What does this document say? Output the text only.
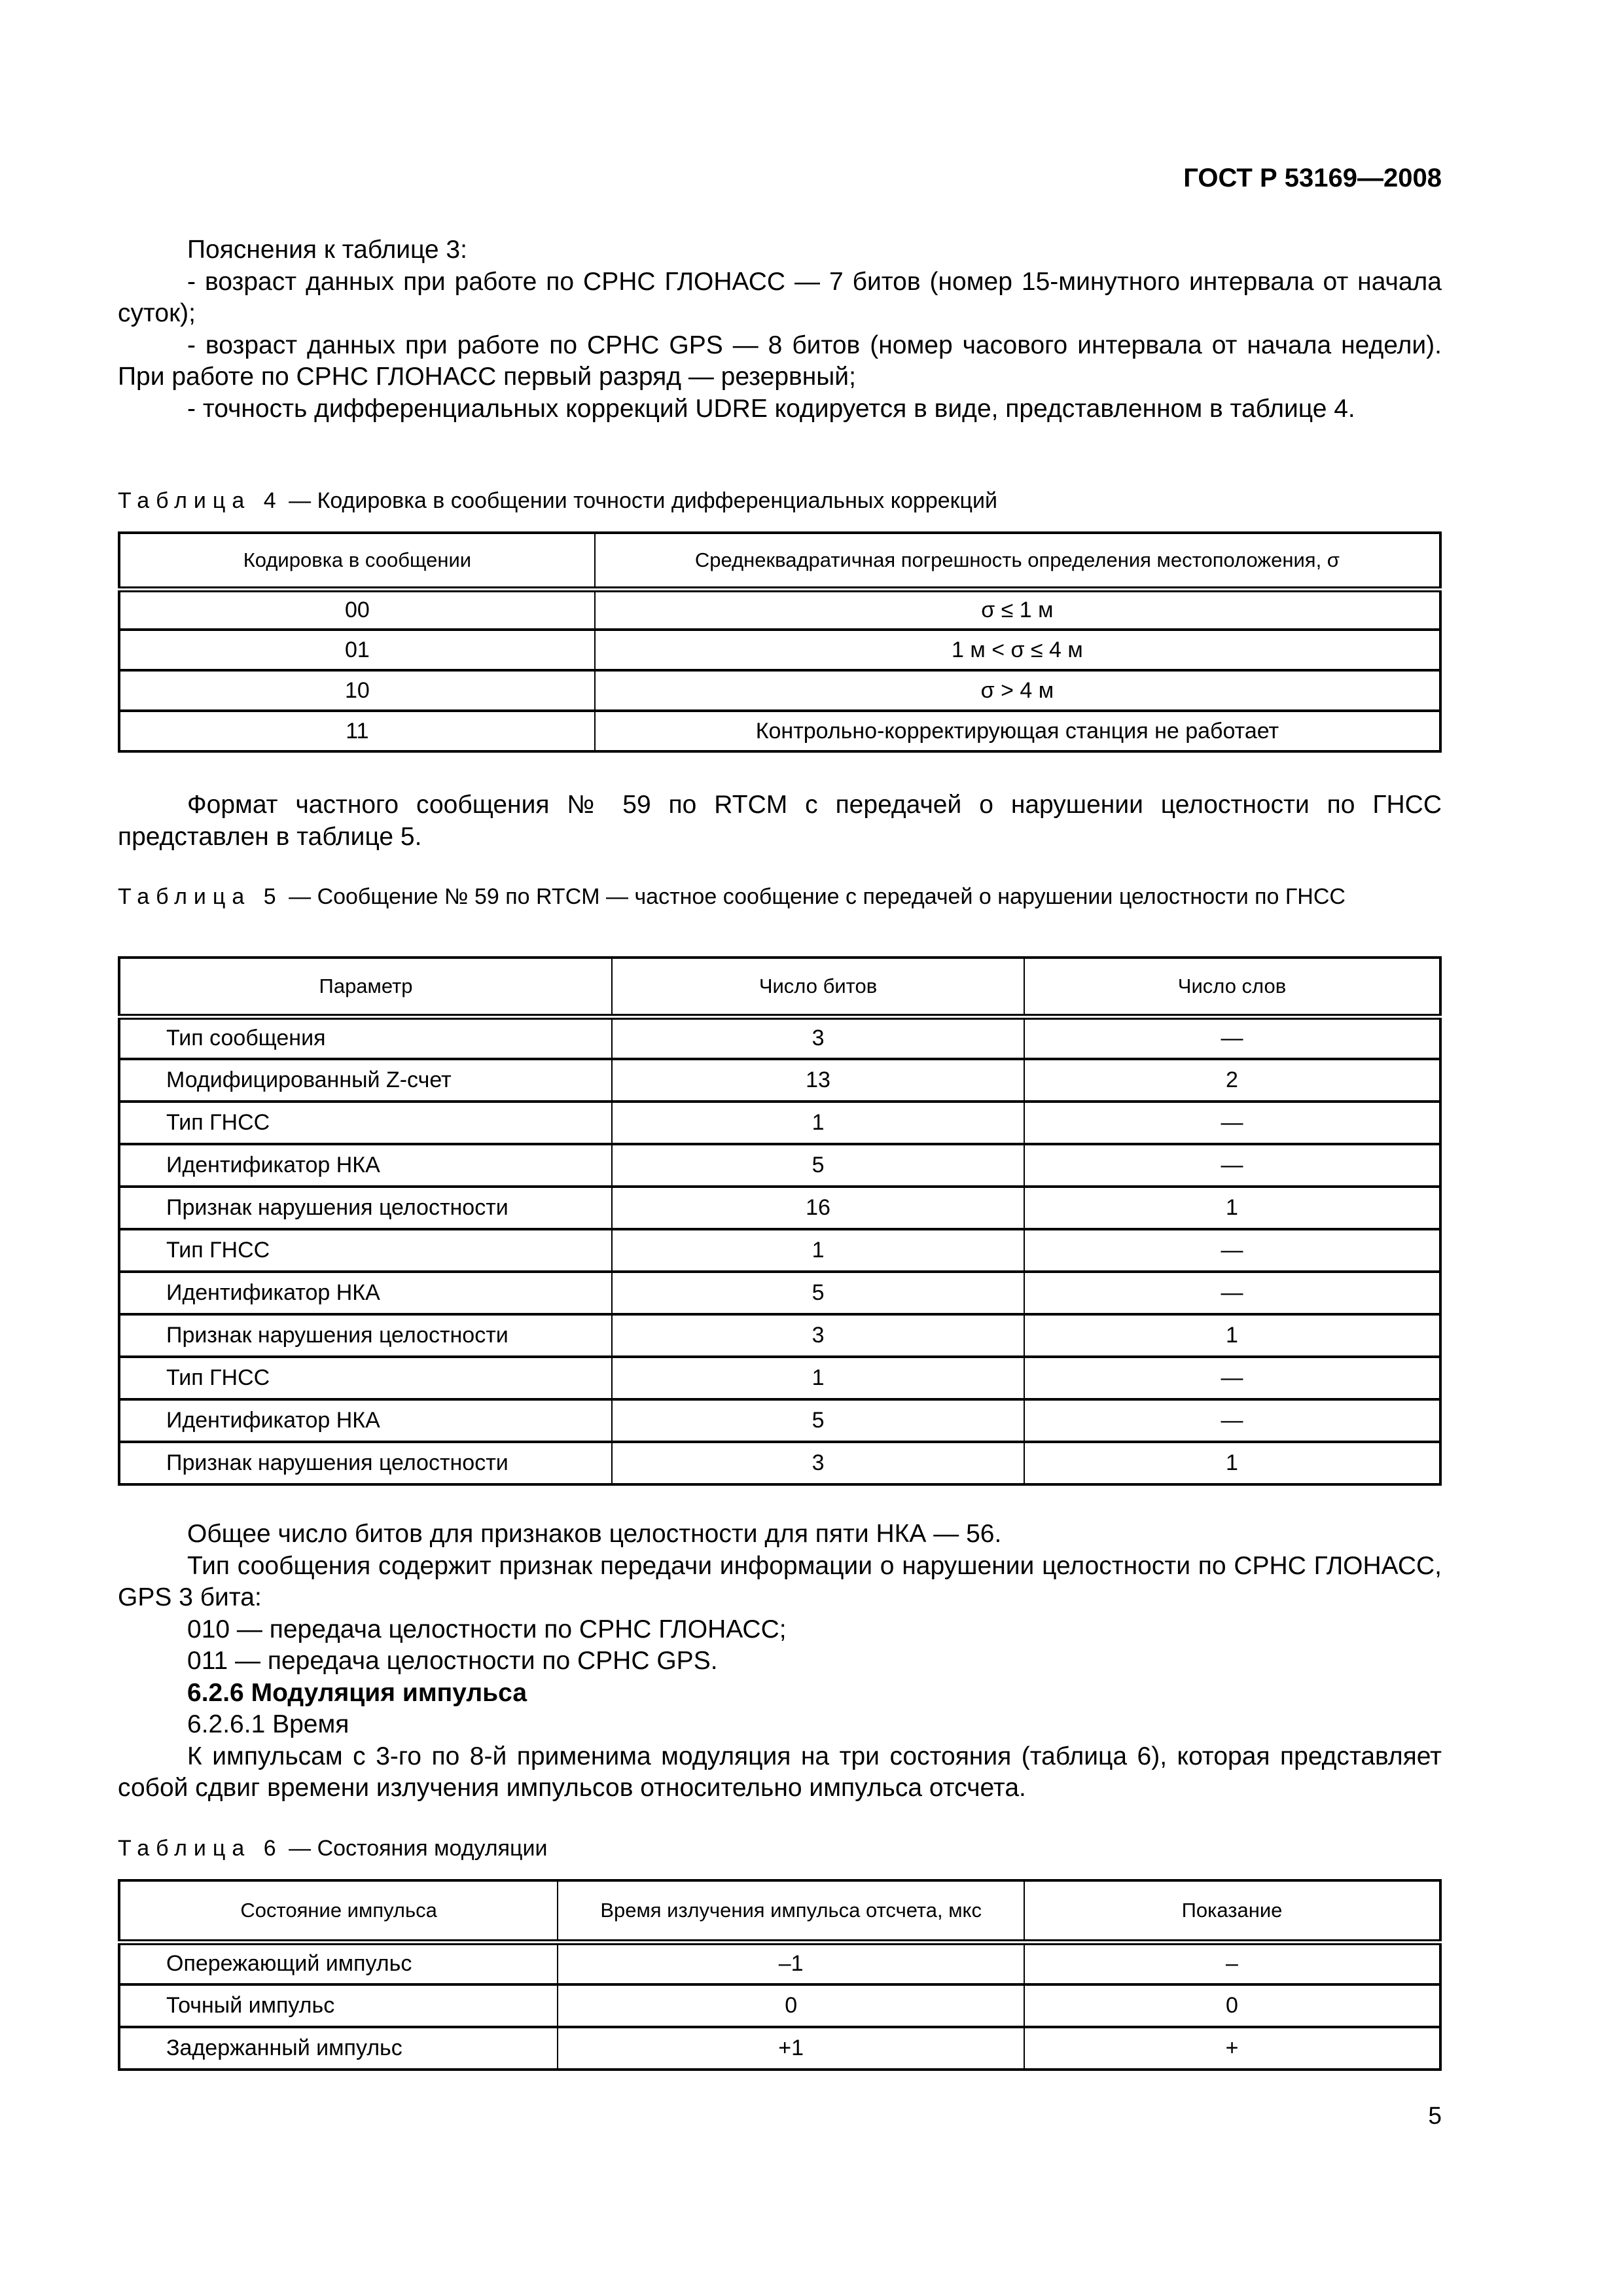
ГОСТ Р 53169—2008

Пояснения к таблице 3:

- возраст данных при работе по СРНС ГЛОНАСС — 7 битов (номер 15-минутного интервала от начала суток);

- возраст данных при работе по СРНС GPS — 8 битов (номер часового интервала от начала недели). При работе по СРНС ГЛОНАСС первый разряд — резервный;

- точность дифференциальных коррекций UDRE кодируется в виде, представленном в таблице 4.

Таблица 4 — Кодировка в сообщении точности дифференциальных коррекций
Кодировка в сообщении	Среднеквадратичная погрешность определения местоположения, σ
00	σ ≤ 1 м
01	1 м < σ ≤ 4 м
10	σ > 4 м
11	Контрольно-корректирующая станция не работает

Формат частного сообщения № 59 по RTCM с передачей о нарушении целостности по ГНСС представлен в таблице 5.

Таблица 5 — Сообщение № 59 по RTCM — частное сообщение с передачей о нарушении целостности по ГНСС
Параметр	Число битов	Число слов
Тип сообщения	3	—
Модифицированный Z-счет	13	2
Тип ГНСС	1	—
Идентификатор НКА	5	—
Признак нарушения целостности	16	1
Тип ГНСС	1	—
Идентификатор НКА	5	—
Признак нарушения целостности	3	1
Тип ГНСС	1	—
Идентификатор НКА	5	—
Признак нарушения целостности	3	1

Общее число битов для признаков целостности для пяти НКА — 56.

Тип сообщения содержит признак передачи информации о нарушении целостности по СРНС ГЛОНАСС, GPS 3 бита:

010 — передача целостности по СРНС ГЛОНАСС;

011 — передача целостности по СРНС GPS.

6.2.6 Модуляция импульса

6.2.6.1 Время

К импульсам с 3-го по 8-й применима модуляция на три состояния (таблица 6), которая представляет собой сдвиг времени излучения импульсов относительно импульса отсчета.

Таблица 6 — Состояния модуляции
Состояние импульса	Время излучения импульса отсчета, мкс	Показание
Опережающий импульс	–1	–
Точный импульс	0	0
Задержанный импульс	+1	+
5
